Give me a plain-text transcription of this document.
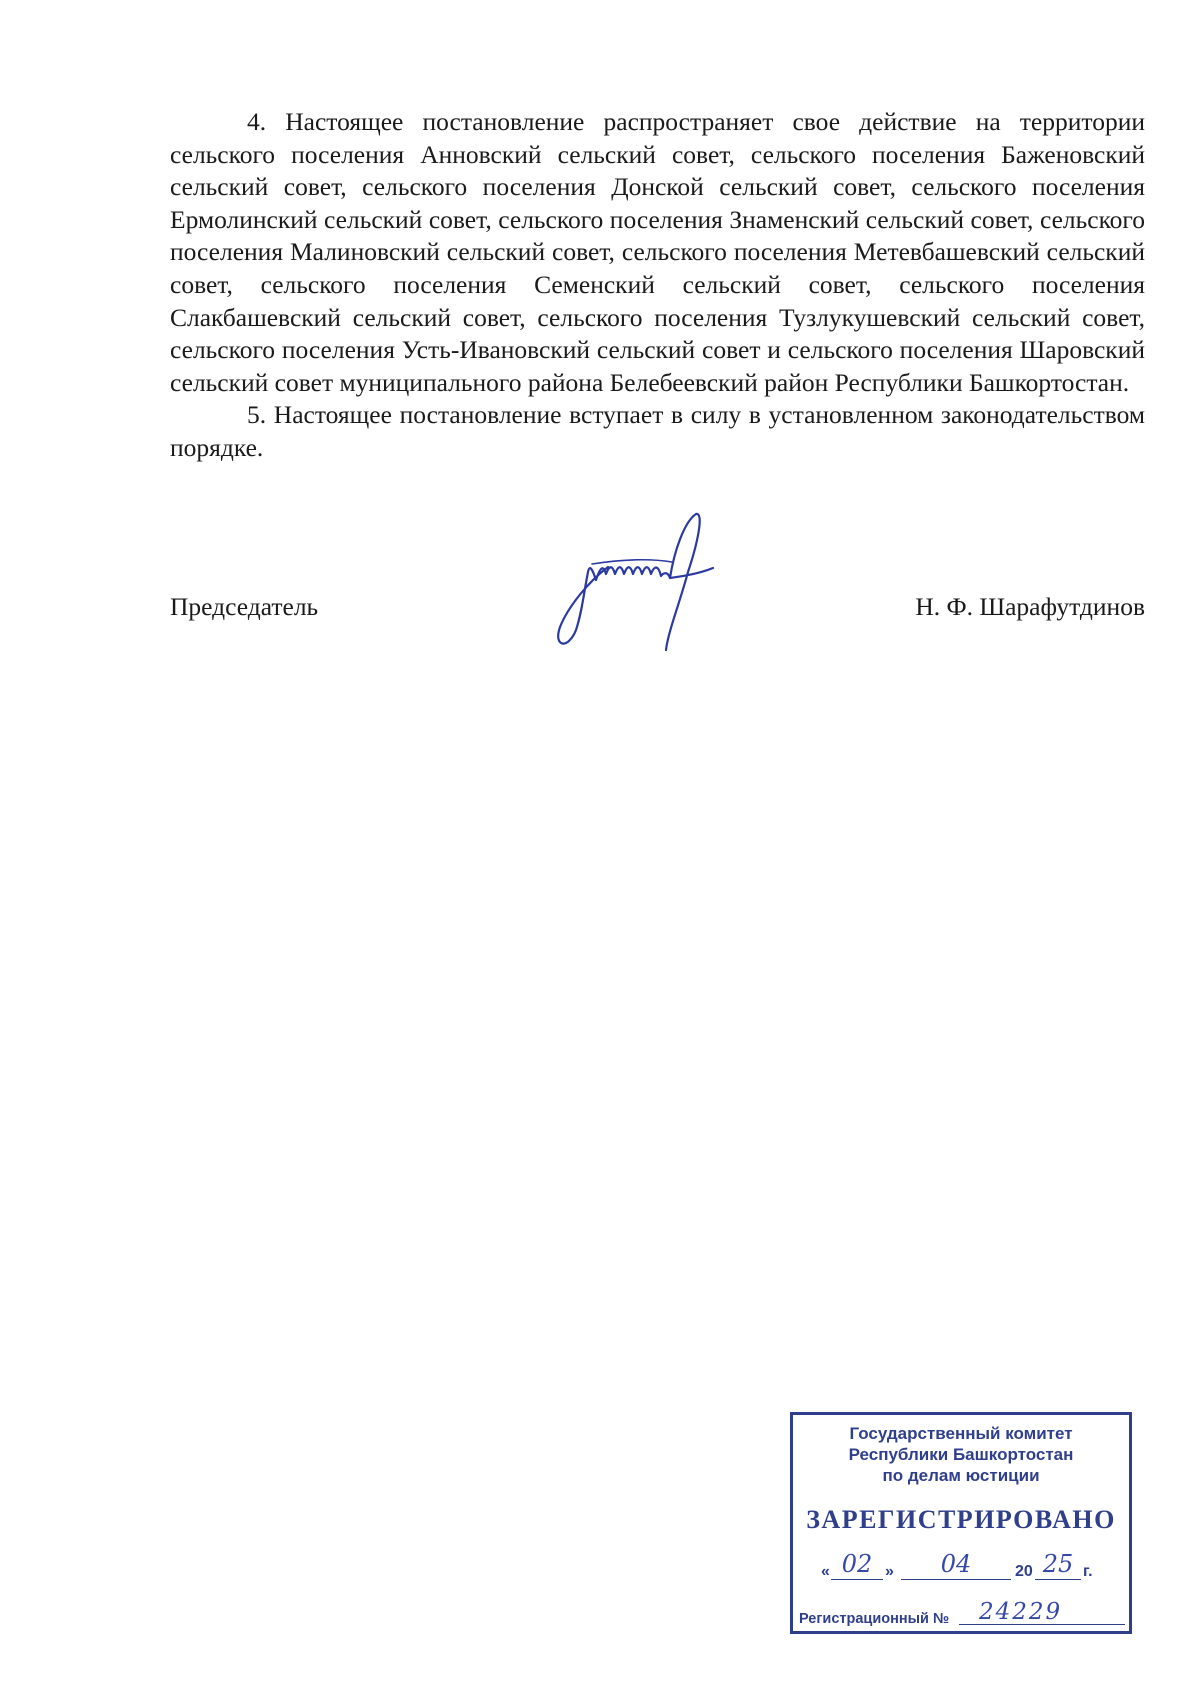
4. Настоящее постановление распространяет свое действие на территории сельского поселения Анновский сельский совет, сельского поселения Баженовский сельский совет, сельского поселения Донской сельский совет, сельского поселения Ермолинский сельский совет, сельского поселения Знаменский сельский совет, сельского поселения Малиновский сельский совет, сельского поселения Метевбашевский сельский совет, сельского поселения Семенский сельский совет, сельского поселения Слакбашевский сельский совет, сельского поселения Тузлукушевский сельский совет, сельского поселения Усть-Ивановский сельский совет и сельского поселения Шаровский сельский совет муниципального района Белебеевский район Республики Башкортостан.

5. Настоящее постановление вступает в силу в установленном законодательством порядке.

Председатель	Н. Ф. Шарафутдинов
Государственный комитет
Республики Башкортостан
по делам юстиции
ЗАРЕГИСТРИРОВАНО
« 02 »	04	20 25 г.
Регистрационный №	24229
